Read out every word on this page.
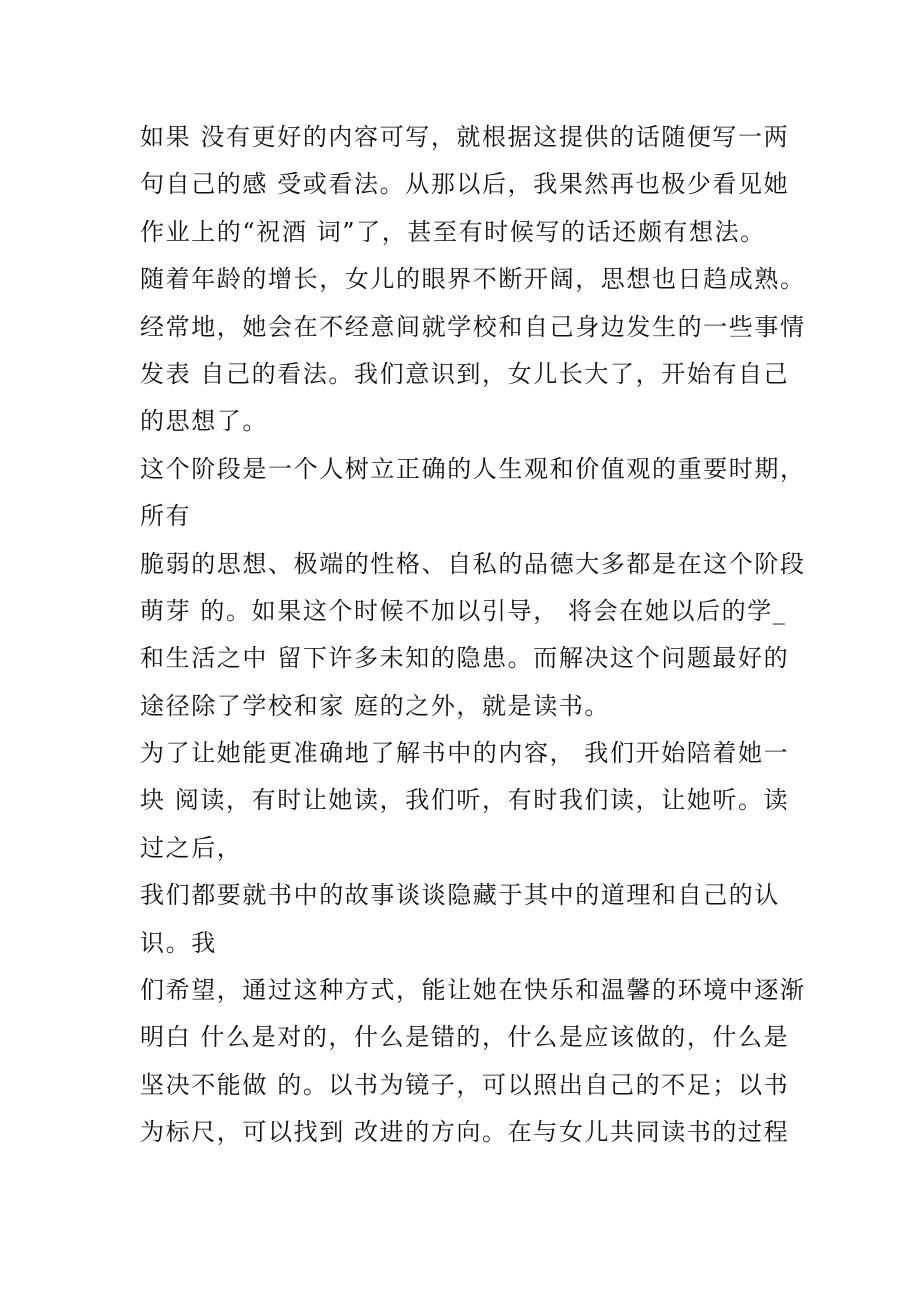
如果 没有更好的内容可写，就根据这提供的话随便写一两
句自己的感 受或看法。从那以后，我果然再也极少看见她
作业上的“祝酒 词”了，甚至有时候写的话还颇有想法。
随着年龄的增长，女儿的眼界不断开阔，思想也日趋成熟。
经常地，她会在不经意间就学校和自己身边发生的一些事情
发表 自己的看法。我们意识到，女儿长大了，开始有自己
的思想了。
这个阶段是一个人树立正确的人生观和价值观的重要时期，
所有
脆弱的思想、极端的性格、自私的品德大多都是在这个阶段
萌芽 的。如果这个时候不加以引导， 将会在她以后的学_
和生活之中 留下许多未知的隐患。而解决这个问题最好的
途径除了学校和家 庭的之外，就是读书。
为了让她能更准确地了解书中的内容， 我们开始陪着她一
块 阅读，有时让她读，我们听，有时我们读，让她听。读
过之后，
我们都要就书中的故事谈谈隐藏于其中的道理和自己的认
识。我
们希望，通过这种方式，能让她在快乐和温馨的环境中逐渐
明白 什么是对的，什么是错的，什么是应该做的，什么是
坚决不能做 的。以书为镜子，可以照出自己的不足；以书
为标尺，可以找到 改进的方向。在与女儿共同读书的过程
